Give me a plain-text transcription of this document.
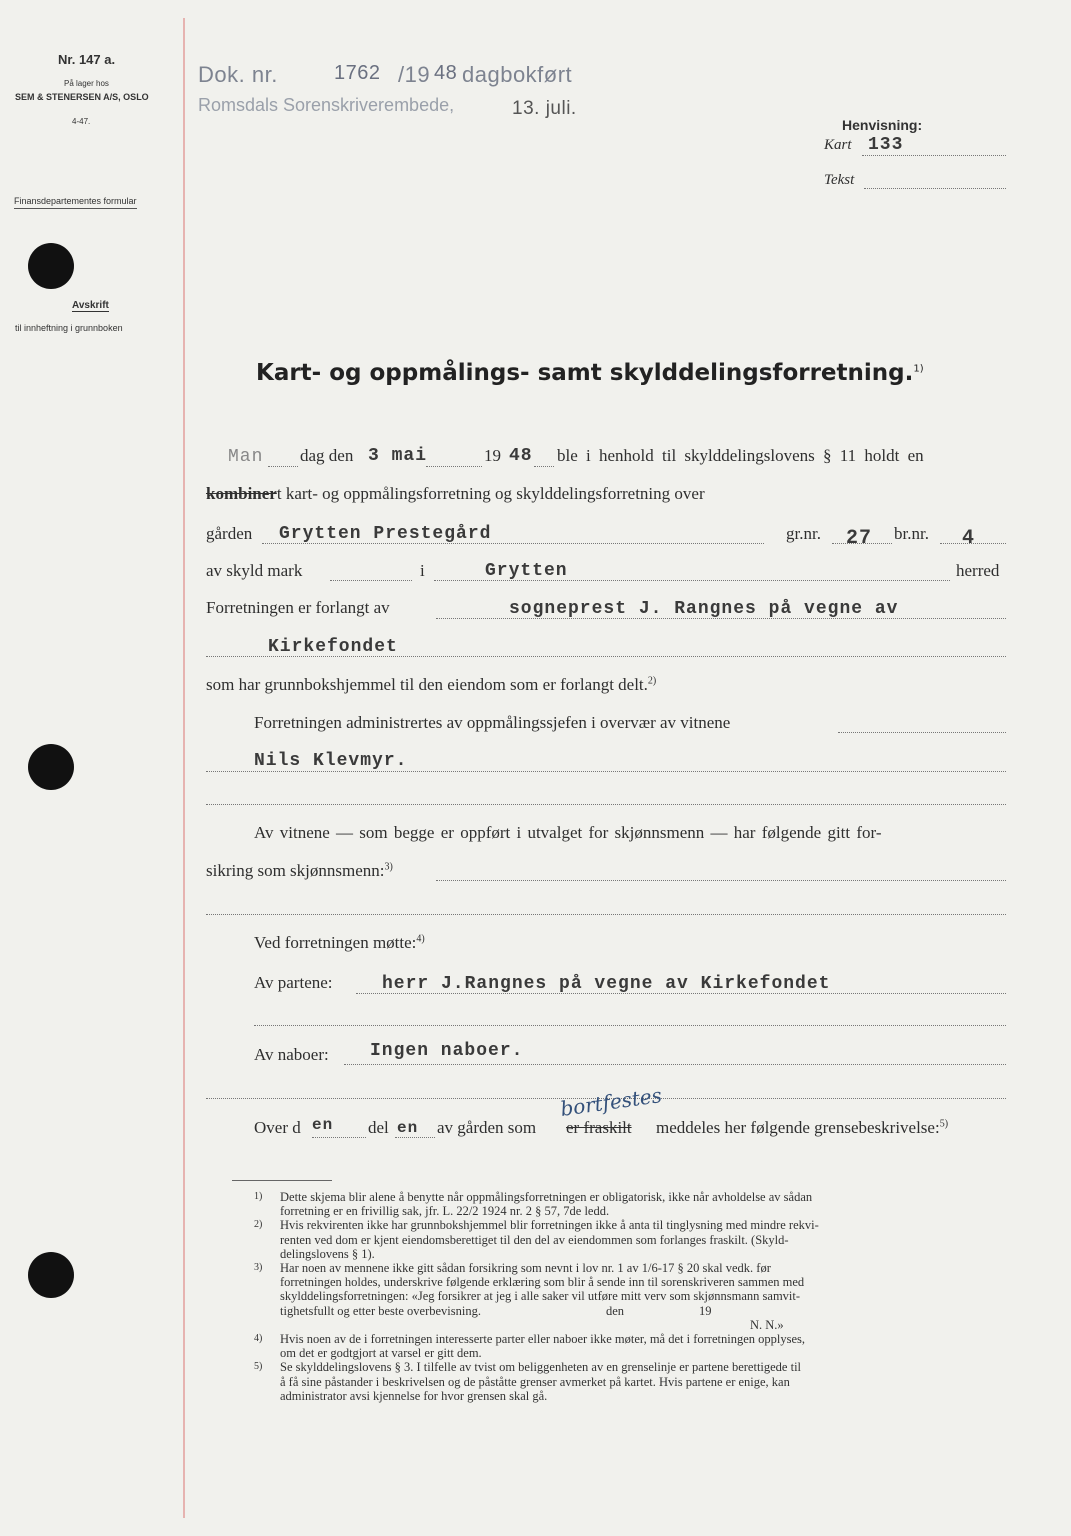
Nr. 147 a.
På lager hos
SEM & STENERSEN A/S, OSLO
4-47.
Finansdepartementes formular
Avskrift
til innheftning i grunnboken
Dok. nr.	1762 /19 48 dagbokført
Romsdals Sorenskriverembede,	13. juli.
Henvisning:
Kart 133
Tekst
Kart- og oppmålings- samt skylddelingsforretning.$^{1)}$
Man dag den 3 mai	19 48 ble i henhold til skylddelingslovens § 11 holdt en
kombinert kart- og oppmålingsforretning og skylddelingsforretning over
gården Grytten Prestegård	gr.nr. 27 br.nr. 4
av skyld mark	i	Grytten	herred
Forretningen er forlangt av	sogneprest J. Rangnes på vegne av
Kirkefondet
som har grunnbokshjemmel til den eiendom som er forlangt delt.$^{2)}$
Forretningen administrertes av oppmålingssjefen i overvær av vitnene
Nils Klevmyr.
Av vitnene — som begge er oppført i utvalget for skjønnsmenn — har følgende gitt for-
sikring som skjønnsmenn:$^{3)}$
Ved forretningen møtte:$^{4)}$
Av partene:	herr J.Rangnes på vegne av Kirkefondet
Av naboer: Ingen naboer.
Over d en del en av gården som er fraskilt
bortfestes
meddeles her følgende grensebeskrivelse:$^{5)}$
1) Dette skjema blir alene å benytte når oppmålingsforretningen er obligatorisk, ikke når avholdelse av sådan
forretning er en frivillig sak, jfr. L. 22/2 1924 nr. 2 § 57, 7de ledd.
2) Hvis rekvirenten ikke har grunnbokshjemmel blir forretningen ikke å anta til tinglysning med mindre rekvi-
renten ved dom er kjent eiendomsberettiget til den del av eiendommen som forlanges fraskilt. (Skyld-
delingslovens § 1).
3) Har noen av mennene ikke gitt sådan forsikring som nevnt i lov nr. 1 av 1/6-17 § 20 skal vedk. før
forretningen holdes, underskrive følgende erklæring som blir å sende inn til sorenskriveren sammen med
skylddelingsforretningen: «Jeg forsikrer at jeg i alle saker vil utføre mitt verv som skjønnsmann samvit-
tighetsfullt og etter beste overbevisning.                                        den                        19
N. N.»
4) Hvis noen av de i forretningen interesserte parter eller naboer ikke møter, må det i forretningen opplyses,
om det er godtgjort at varsel er gitt dem.
5) Se skylddelingslovens § 3. I tilfelle av tvist om beliggenheten av en grenselinje er partene berettigede til
å få sine påstander i beskrivelsen og de påståtte grenser avmerket på kartet. Hvis partene er enige, kan
administrator avsi kjennelse for hvor grensen skal gå.
